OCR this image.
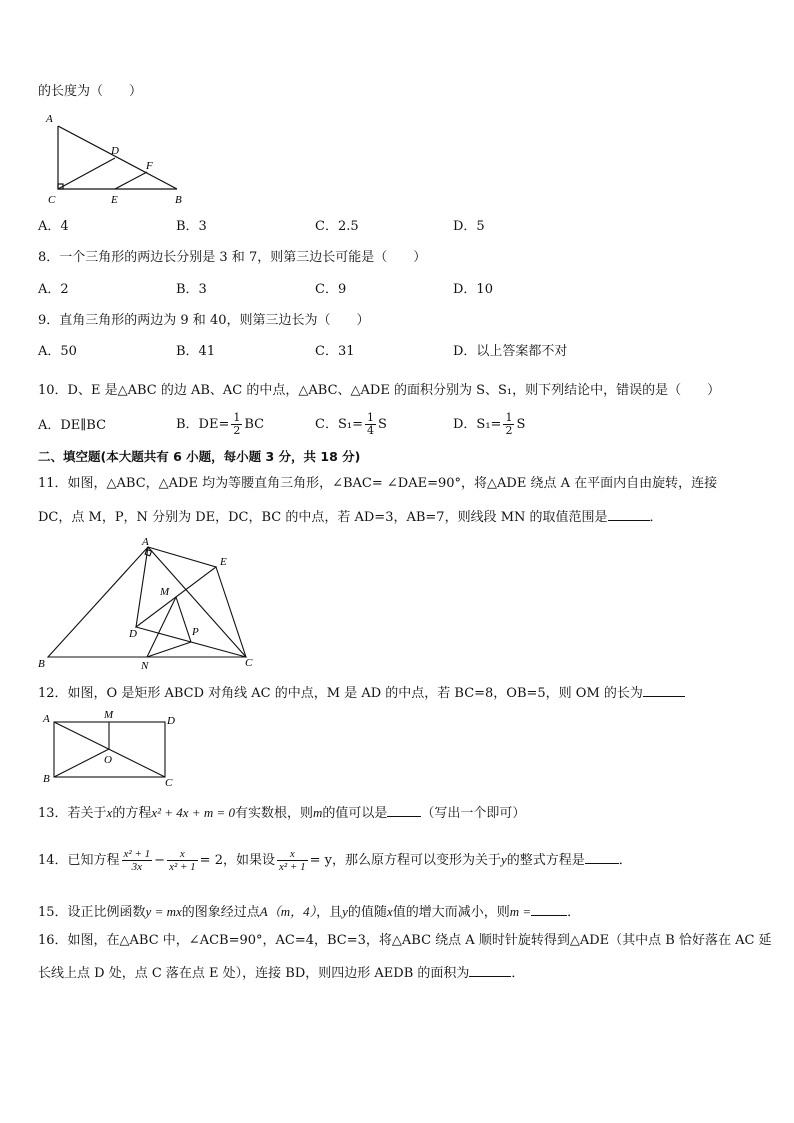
的长度为（　　）
A
D
F
C	E	B
A．4	B．3	C．2.5	D．5
8．一个三角形的两边长分别是 3 和 7，则第三边长可能是（　　）
A．2	B．3	C．9	D．10
9．直角三角形的两边为 9 和 40，则第三边长为（　　）
A．50	B．41	C．31	D．以上答案都不对
10．D、E 是△ABC 的边 AB、AC 的中点，△ABC、△ADE 的面积分别为 S、S₁，则下列结论中，错误的是（　　）
A．DE∥BC	B．$DE= \frac{1}{2}$ BC	C．$S_1= \frac{1}{4}$ S	D．$S_1= \frac{1}{2}$ S
二、填空题(本大题共有 6 小题，每小题 3 分，共 18 分)
11．如图，△ABC，△ADE 均为等腰直角三角形，∠BAC= ∠DAE=90°，将△ADE 绕点 A 在平面内自由旋转，连接
DC，点 M，P，N 分别为 DE，DC，BC 的中点，若 AD=3，AB=7，则线段 MN 的取值范围是	．
A
E
M
D	P
B	N	C
12．如图，O 是矩形 ABCD 对角线 AC 的中点，M 是 AD 的中点，若 BC=8，OB=5，则 OM 的长为
A	M	D
O
B	C
13．若关于x的方程x² + 4x + m = 0有实数根，则m的值可以是	（写出一个即可）
14．已知方程 $\frac{\text{x² + 1}}{3x} - \frac{x}{\text{x² + 1}} = 2$，如果设 $\frac{x}{\text{x² + 1}} = y$，那么原方程可以变形为关于y的整式方程是	．
15．设正比例函数y = mx的图象经过点A（m，4），且y的值随x值的增大而减小，则m =	．
16．如图，在△ABC 中，∠ACB=90°，AC=4，BC=3，将△ABC 绕点 A 顺时针旋转得到△ADE（其中点 B 恰好落在 AC 延
长线上点 D 处，点 C 落在点 E 处），连接 BD，则四边形 AEDB 的面积为	．
